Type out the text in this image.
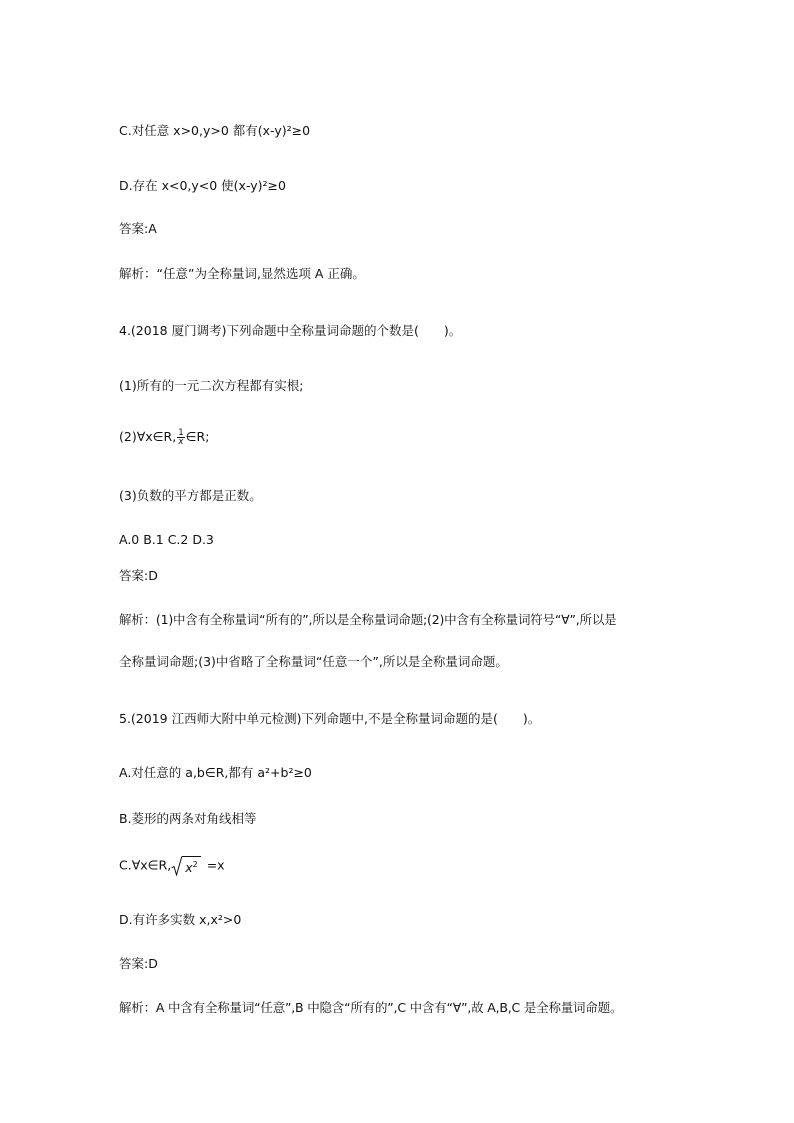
C.对任意 x>0,y>0 都有(x-y)²≥0

D.存在 x<0,y<0 使(x-y)²≥0

答案:A

解析：“任意”为全称量词,显然选项 A 正确。

4.(2018 厦门调考)下列命题中全称量词命题的个数是(　　)。

(1)所有的一元二次方程都有实根;

(2)∀x∈R, $\frac{1}{x}$ ∈R;

(3)负数的平方都是正数。

A.0 B.1 C.2 D.3

答案:D

解析：(1)中含有全称量词“所有的”,所以是全称量词命题;(2)中含有全称量词符号“∀”,所以是

全称量词命题;(3)中省略了全称量词“任意一个”,所以是全称量词命题。

5.(2019 江西师大附中单元检测)下列命题中,不是全称量词命题的是(　　)。

A.对任意的 a,b∈R,都有 a²+b²≥0

B.菱形的两条对角线相等

C.∀x∈R, $x^2 =x$

D.有许多实数 x,x²>0

答案:D

解析：A 中含有全称量词“任意”,B 中隐含“所有的”,C 中含有“∀”,故 A,B,C 是全称量词命题。
